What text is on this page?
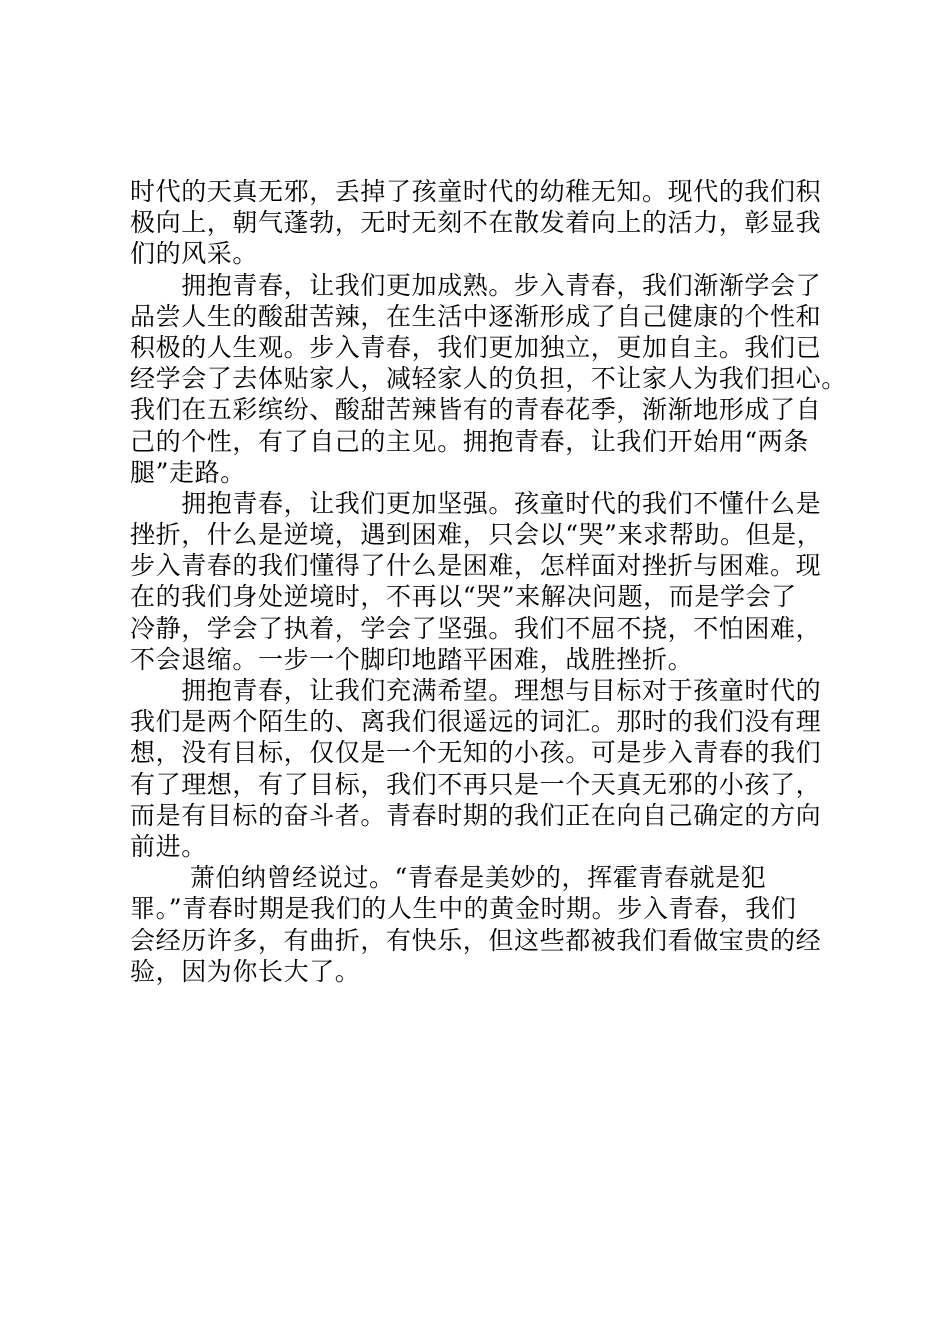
时代的天真无邪，丢掉了孩童时代的幼稚无知。现代的我们积
极向上，朝气蓬勃，无时无刻不在散发着向上的活力，彰显我
们的风采。
　　拥抱青春，让我们更加成熟。步入青春，我们渐渐学会了
品尝人生的酸甜苦辣，在生活中逐渐形成了自己健康的个性和
积极的人生观。步入青春，我们更加独立，更加自主。我们已
经学会了去体贴家人，减轻家人的负担，不让家人为我们担心。
我们在五彩缤纷、酸甜苦辣皆有的青春花季，渐渐地形成了自
己的个性，有了自己的主见。拥抱青春，让我们开始用“两条
腿”走路。
　　拥抱青春，让我们更加坚强。孩童时代的我们不懂什么是
挫折，什么是逆境，遇到困难，只会以“哭”来求帮助。但是，
步入青春的我们懂得了什么是困难，怎样面对挫折与困难。现
在的我们身处逆境时，不再以“哭”来解决问题，而是学会了
冷静，学会了执着，学会了坚强。我们不屈不挠，不怕困难，
不会退缩。一步一个脚印地踏平困难，战胜挫折。
　　拥抱青春，让我们充满希望。理想与目标对于孩童时代的
我们是两个陌生的、离我们很遥远的词汇。那时的我们没有理
想，没有目标，仅仅是一个无知的小孩。可是步入青春的我们
有了理想，有了目标，我们不再只是一个天真无邪的小孩了，
而是有目标的奋斗者。青春时期的我们正在向自己确定的方向
前进。
　　 萧伯纳曾经说过。“青春是美妙的，挥霍青春就是犯
罪。”青春时期是我们的人生中的黄金时期。步入青春，我们
会经历许多，有曲折，有快乐，但这些都被我们看做宝贵的经
验，因为你长大了。
